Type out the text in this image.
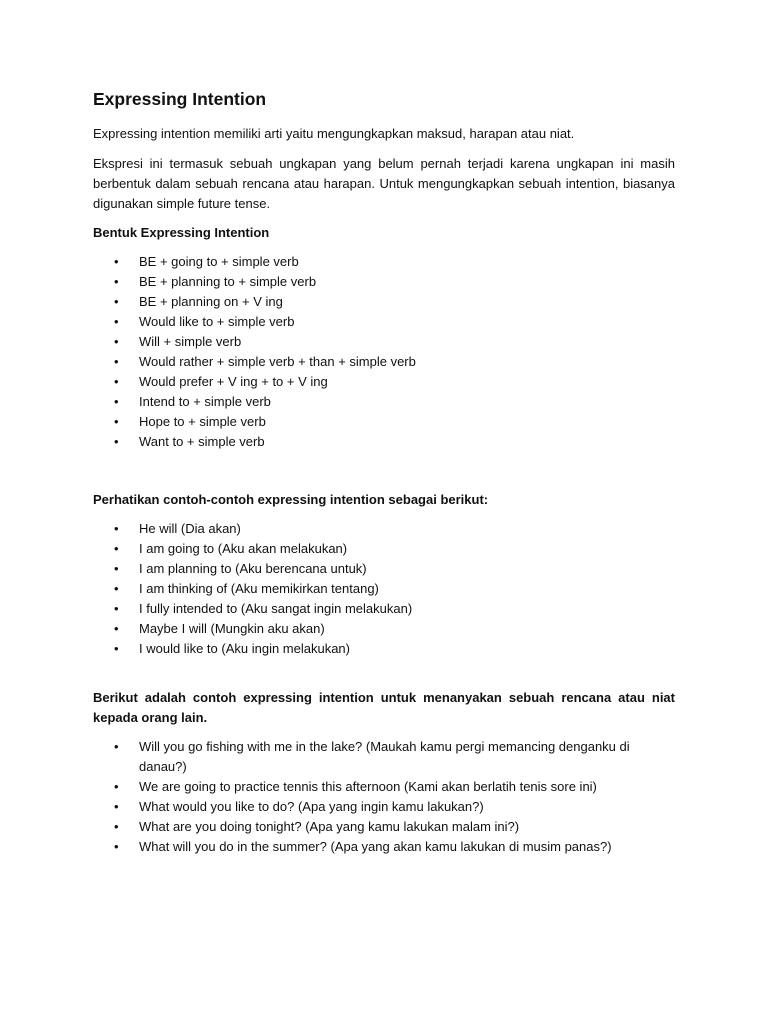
Expressing Intention

Expressing intention memiliki arti yaitu mengungkapkan maksud, harapan atau niat.

Ekspresi ini termasuk sebuah ungkapan yang belum pernah terjadi karena ungkapan ini masih berbentuk dalam sebuah rencana atau harapan. Untuk mengungkapkan sebuah intention, biasanya digunakan simple future tense.

Bentuk Expressing Intention

• BE + going to + simple verb
• BE + planning to + simple verb
• BE + planning on + V ing
• Would like to + simple verb
• Will + simple verb
• Would rather + simple verb + than + simple verb
• Would prefer + V ing + to + V ing
• Intend to + simple verb
• Hope to + simple verb
• Want to + simple verb

Perhatikan contoh-contoh expressing intention sebagai berikut:

• He will (Dia akan)
• I am going to (Aku akan melakukan)
• I am planning to (Aku berencana untuk)
• I am thinking of (Aku memikirkan tentang)
• I fully intended to (Aku sangat ingin melakukan)
• Maybe I will (Mungkin aku akan)
• I would like to (Aku ingin melakukan)

Berikut adalah contoh expressing intention untuk menanyakan sebuah rencana atau niat kepada orang lain.

• Will you go fishing with me in the lake? (Maukah kamu pergi memancing denganku di danau?)
• We are going to practice tennis this afternoon (Kami akan berlatih tenis sore ini)
• What would you like to do? (Apa yang ingin kamu lakukan?)
• What are you doing tonight? (Apa yang kamu lakukan malam ini?)
• What will you do in the summer? (Apa yang akan kamu lakukan di musim panas?)
